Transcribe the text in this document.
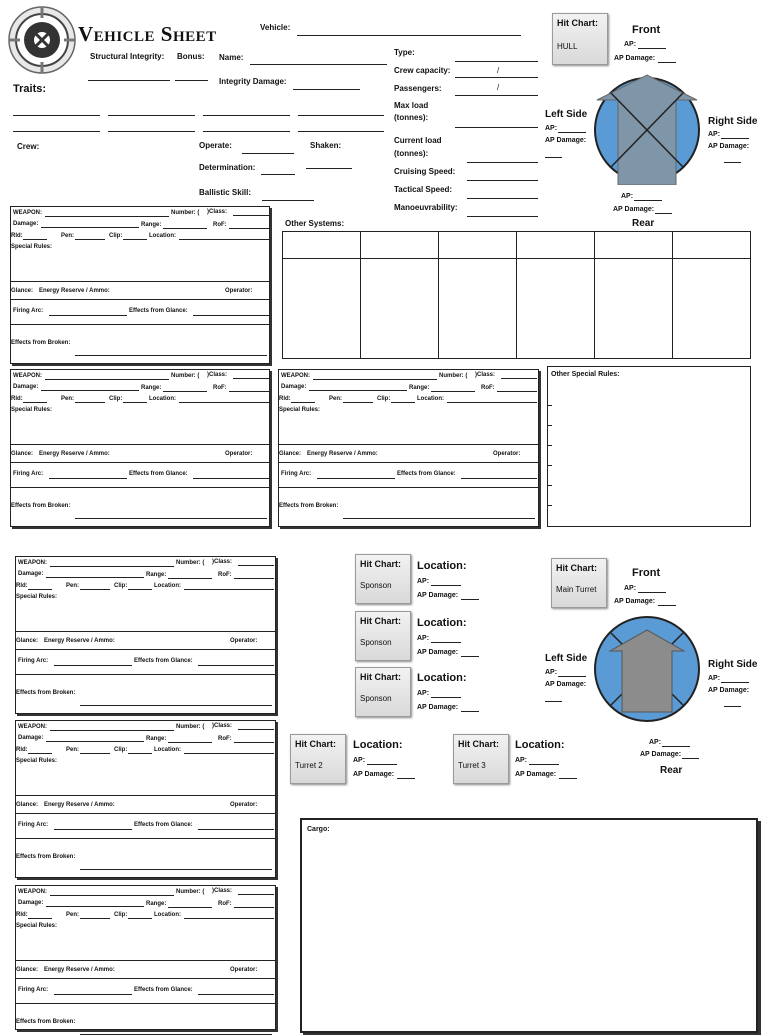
Vehicle Sheet
Structural Integrity: Bonus:
Traits:
Crew:
Vehicle:
Name:
Integrity Damage:
Operate:	Shaken:
Determination:
Ballistic Skill:
Type:
Crew capacity:	/
Passengers:	/
Max load
(tonnes):
Current load
(tonnes):
Cruising Speed:
Tactical Speed:
Manoeuvrability:
Hit Chart:
HULL
Front
AP:
AP Damage:
Left Side
AP:
AP Damage:
Right Side
AP:
AP Damage:
AP:
AP Damage:
Rear
Other Systems:

Other Special Rules:
WEAPON:	Number: ( )Class:
Damage:	Range:	RoF:
Rld:	Pen:	Clip:	Location:
Special Rules:
Glance: Energy Reserve / Ammo:	Operator:
Firing Arc:	Effects from Glance:
Effects from Broken:
WEAPON:	Number: ( )Class:
Damage:	Range:	RoF:
Rld:	Pen:	Clip:	Location:
Special Rules:
Glance: Energy Reserve / Ammo:	Operator:
Firing Arc:	Effects from Glance:
Effects from Broken:
WEAPON:	Number: ( )Class:
Damage:	Range:	RoF:
Rld:	Pen:	Clip:	Location:
Special Rules:
Glance: Energy Reserve / Ammo:	Operator:
Firing Arc:	Effects from Glance:
Effects from Broken:
WEAPON:	Number: ( )Class:
Damage:	Range:	RoF:
Rld:	Pen:	Clip:	Location:
Special Rules:
Glance: Energy Reserve / Ammo:	Operator:
Firing Arc:	Effects from Glance:
Effects from Broken:
WEAPON:	Number: ( )Class:
Damage:	Range:	RoF:
Rld:	Pen:	Clip:	Location:
Special Rules:
Glance: Energy Reserve / Ammo:	Operator:
Firing Arc:	Effects from Glance:
Effects from Broken:
WEAPON:	Number: ( )Class:
Damage:	Range:	RoF:
Rld:	Pen:	Clip:	Location:
Special Rules:
Glance: Energy Reserve / Ammo:	Operator:
Firing Arc:	Effects from Glance:
Effects from Broken:
Hit Chart:
Sponson
Location:
AP:
AP Damage:
Hit Chart:
Sponson
Location:
AP:
AP Damage:
Hit Chart:
Sponson
Location:
AP:
AP Damage:
Hit Chart:
Turret 2
Location:
AP:
AP Damage:
Hit Chart:
Turret 3
Location:
AP:
AP Damage:
Hit Chart:
Main Turret
Front
AP:
AP Damage:
Left Side
AP:
AP Damage:
Right Side
AP:
AP Damage:
AP:
AP Damage:
Rear
Cargo:
